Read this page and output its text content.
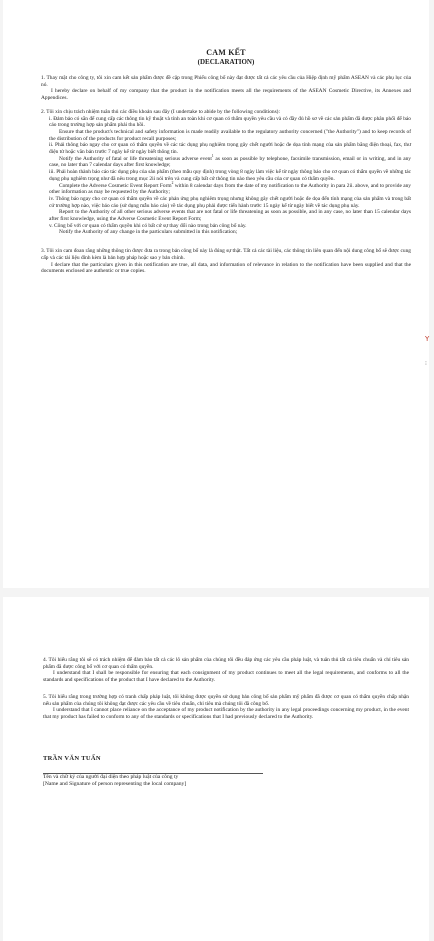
CAM KẾT
(DECLARATION)

1. Thay mặt cho công ty, tôi xin cam kết sản phẩm được đề cập trong Phiếu công bố này đạt được tất cả các yêu cầu của Hiệp định mỹ phẩm ASEAN và các phụ lục của nó.

I hereby declare on behalf of my company that the product in the notification meets all the requirements of the ASEAN Cosmetic Directive, its Annexes and Appendices.

2. Tôi xin chịu trách nhiệm tuân thủ các điều khoản sau đây (I undertake to abide by the following conditions):

i. Đảm bảo có sẵn để cung cấp các thông tin kỹ thuật và tính an toàn khi cơ quan có thẩm quyền yêu cầu và có đầy đủ hồ sơ về các sản phẩm đã được phân phối để báo cáo trong trường hợp sản phẩm phải thu hồi.

Ensure that the product's technical and safety information is made readily available to the regulatory authority concerned ("the Authority") and to keep records of the distribution of the products for product recall purposes;

ii. Phải thông báo ngay cho cơ quan có thẩm quyền về các tác dụng phụ nghiêm trọng gây chết người hoặc đe dọa tính mạng của sản phẩm bằng điện thoại, fax, thư điện tử hoặc văn bản trước 7 ngày kể từ ngày biết thông tin.

Notify the Authority of fatal or life threatening serious adverse event$^1$ as soon as possible by telephone, facsimile transmission, email or in writing, and in any case, no later than 7 calendar days after first knowledge;

iii. Phải hoàn thành báo cáo tác dụng phụ của sản phẩm (theo mẫu quy định) trong vòng 8 ngày làm việc kể từ ngày thông báo cho cơ quan có thẩm quyền về những tác dụng phụ nghiêm trọng như đã nêu trong mục 2ii nói trên và cung cấp bất cứ thông tin nào theo yêu cầu của cơ quan có thẩm quyền.

Complete the Adverse Cosmetic Event Report Form$^2$ within 8 calendar days from the date of my notification to the Authority in para 2ii. above, and to provide any other information as may be requested by the Authority;

iv. Thông báo ngay cho cơ quan có thẩm quyền về các phản ứng phụ nghiêm trọng nhưng không gây chết người hoặc đe dọa đến tính mạng của sản phẩm và trong bất cứ trường hợp nào, việc báo cáo (sử dụng mẫu báo cáo) về tác dụng phụ phải được tiến hành trước 15 ngày kể từ ngày biết về tác dụng phụ này.

Report to the Authority of all other serious adverse events that are not fatal or life threatening as soon as possible, and in any case, no later than 15 calendar days after first knowledge, using the Adverse Cosmetic Event Report Form;

v. Công bố với cơ quan có thẩm quyền khi có bất cứ sự thay đổi nào trong bản công bố này.

Notify the Authority of any change in the particulars submitted in this notification;

3. Tôi xin cam đoan rằng những thông tin được đưa ra trong bản công bố này là đúng sự thật. Tất cả các tài liệu, các thông tin liên quan đến nội dung công bố sẽ được cung cấp và các tài liệu đính kèm là bản hợp pháp hoặc sao y bản chính.

I declare that the particulars given in this notification are true, all data, and information of relevance in relation to the notification have been supplied and that the documents enclosed are authentic or true copies.

Y
⁝

4. Tôi hiểu rằng tôi sẽ có trách nhiệm để đảm bảo tất cả các lô sản phẩm của chúng tôi đều đáp ứng các yêu cầu pháp luật, và tuân thủ tất cả tiêu chuẩn và chỉ tiêu sản phẩm đã được công bố với cơ quan có thẩm quyền.

I understand that I shall be responsible for ensuring that each consignment of my product continues to meet all the legal requirements, and conforms to all the standards and specifications of the product that I have declared to the Authority.

5. Tôi hiểu rằng trong trường hợp có tranh chấp pháp luật, tôi không được quyền sử dụng bản công bố sản phẩm mỹ phẩm đã được cơ quan có thẩm quyền chấp nhận nếu sản phẩm của chúng tôi không đạt được các yêu cầu về tiêu chuẩn, chỉ tiêu mà chúng tôi đã công bố.

I understand that I cannot place reliance on the acceptance of my product notification by the authority in any legal proceedings concerning my product, in the event that my product has failed to conform to any of the standards or specifications that I had previously declared to the Authority.

TRẦN VĂN TUẤN
Tên và chữ ký của người đại diện theo pháp luật của công ty
[Name and Signature of person representing the local company]
